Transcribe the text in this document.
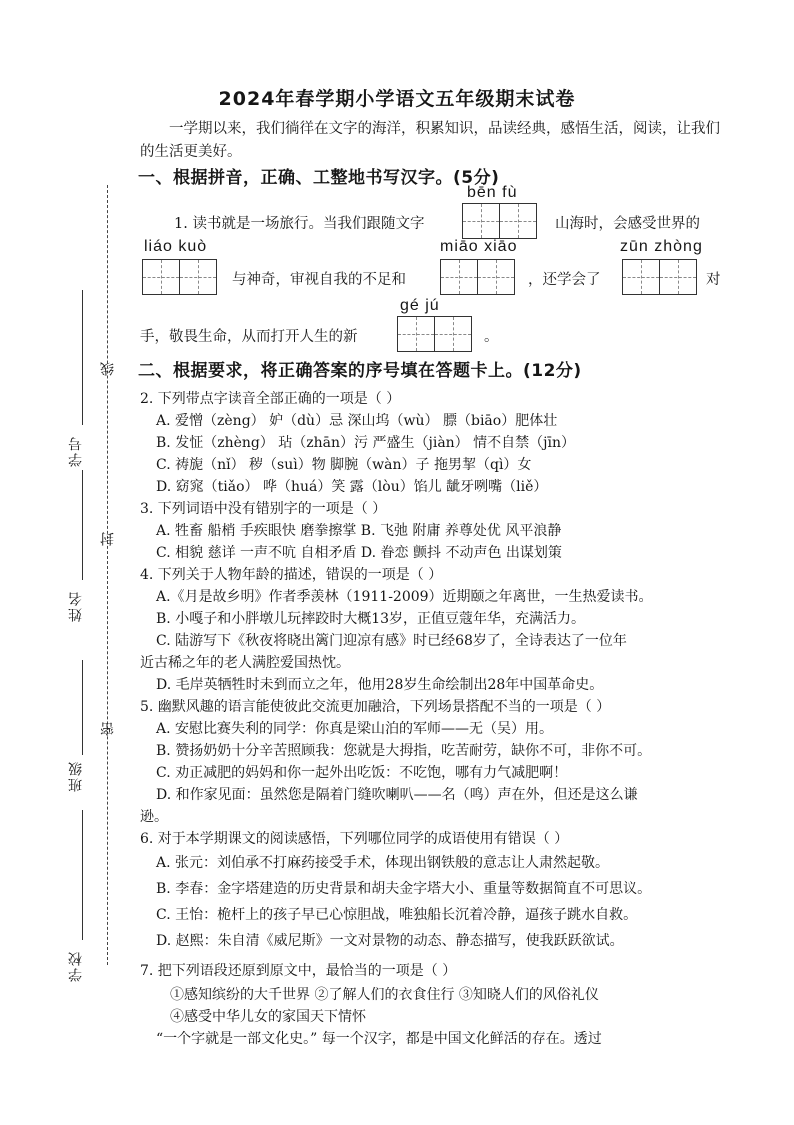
2024年春学期小学语文五年级期末试卷
一学期以来，我们徜徉在文字的海洋，积累知识，品读经典，感悟生活，阅读，让我们的生活更美好。
线
封
密
学号
姓名
班级
学校
一、根据拼音，正确、工整地书写汉字。(5分)
bēn fù
1. 读书就是一场旅行。当我们跟随文字	山海时，会感受世界的
liáo kuò	miāo xiāo	zūn zhòng
与神奇，审视自我的不足和	，还学会了	对
gé jú
手，敬畏生命，从而打开人生的新	。
二、根据要求，将正确答案的序号填在答题卡上。(12分)
2. 下列带点字读音全部正确的一项是（ ）
A. 爱憎（zèng） 妒（dù）忌 深山坞（wù） 膘（biāo）肥体壮
B. 发怔（zhèng） 玷（zhān）污 严盛生（jiàn） 情不自禁（jīn）
C. 祷旎（nǐ） 秽（suì）物 脚腕（wàn）子 拖男挈（qì）女
D. 窈窕（tiǎo） 哗（huá）笑 露（lòu）馅儿 龇牙咧嘴（liě）
3. 下列词语中没有错别字的一项是（ ）
A. 牲畜 船梢 手疾眼快 磨拳擦掌 B. 飞弛 附庸 养尊处优 风平浪静
C. 相貌 慈详 一声不吭 自相矛盾 D. 眷恋 颤抖 不动声色 出谋划策
4. 下列关于人物年龄的描述，错误的一项是（ ）
A.《月是故乡明》作者季羡林（1911-2009）近期颐之年离世，一生热爱读书。
B. 小嘎子和小胖墩儿玩摔跤时大概13岁，正值豆蔻年华，充满活力。
C. 陆游写下《秋夜将晓出篱门迎凉有感》时已经68岁了，全诗表达了一位年
近古稀之年的老人满腔爱国热忱。
D. 毛岸英牺牲时未到而立之年，他用28岁生命绘制出28年中国革命史。
5. 幽默风趣的语言能使彼此交流更加融洽，下列场景搭配不当的一项是（ ）
A. 安慰比赛失利的同学：你真是梁山泊的军师——无（吴）用。
B. 赞扬奶奶十分辛苦照顾我：您就是大拇指，吃苦耐劳，缺你不可，非你不可。
C. 劝正减肥的妈妈和你一起外出吃饭：不吃饱，哪有力气减肥啊！
D. 和作家见面：虽然您是隔着门缝吹喇叭——名（鸣）声在外，但还是这么谦
逊。
6. 对于本学期课文的阅读感悟，下列哪位同学的成语使用有错误（ ）
A. 张元：刘伯承不打麻药接受手术，体现出钢铁般的意志让人肃然起敬。
B. 李春：金字塔建造的历史背景和胡夫金字塔大小、重量等数据简直不可思议。
C. 王怡：桅杆上的孩子早已心惊胆战，唯独船长沉着冷静，逼孩子跳水自救。
D. 赵熙：朱自清《威尼斯》一文对景物的动态、静态描写，使我跃跃欲试。
7. 把下列语段还原到原文中，最恰当的一项是（ ）
①感知缤纷的大千世界 ②了解人们的衣食住行 ③知晓人们的风俗礼仪
④感受中华儿女的家国天下情怀
“一个字就是一部文化史。” 每一个汉字，都是中国文化鲜活的存在。透过
